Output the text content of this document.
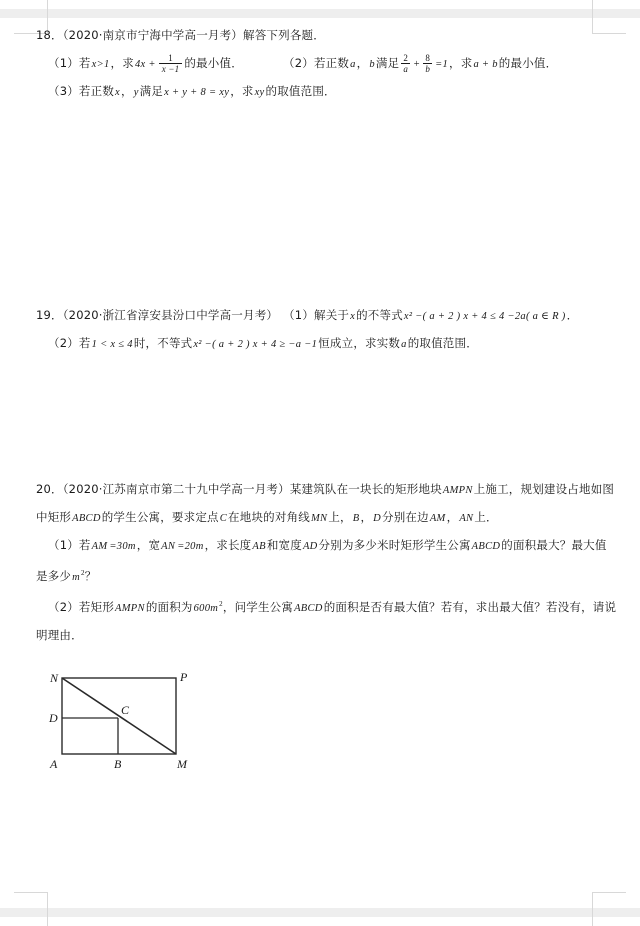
18．（2020·南京市宁海中学高一月考）解答下列各题．
（1）若x>1，求$4x + \frac{1}{x -1}$ 的最小值．	（2）若正数a，b满足 $\frac{2}{a} + \frac{8}{b} =1$，求a + b的最小值．
（3）若正数x，y满足x + y + 8 = xy，求xy的取值范围．
19．（2020·浙江省淳安县汾口中学高一月考） （1）解关于x的不等式x² −( a + 2 ) x + 4 ≤ 4 −2a( a ∈ R )．
（2）若1 < x ≤ 4时，不等式x² −( a + 2 ) x + 4 ≥ −a −1恒成立，求实数a的取值范围．
20．（2020·江苏南京市第二十九中学高一月考）某建筑队在一块长的矩形地块AMPN上施工，规划建设占地如图
中矩形ABCD的学生公寓，要求定点C在地块的对角线MN上，B，D分别在边AM，AN上．
（1）若AM =30m，宽AN =20m，求长度AB和宽度AD分别为多少米时矩形学生公寓ABCD的面积最大？最大值
是多少$m^2$？
（2）若矩形AMPN的面积为$600m^2$，问学生公寓ABCD的面积是否有最大值？若有，求出最大值？若没有，请说
明理由．
N	P
D
C
A	B	M
